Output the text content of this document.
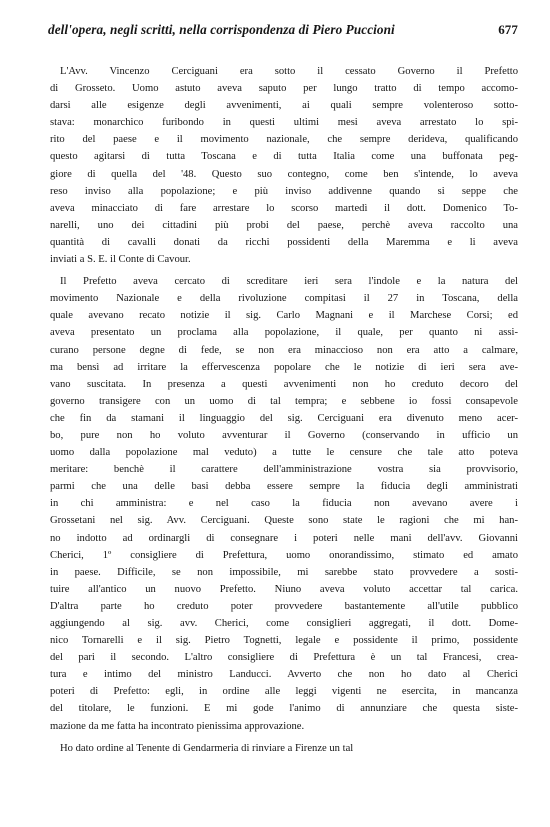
dell'opera, negli scritti, nella corrispondenza di Piero Puccioni	677
L'Avv. Vincenzo Cerciguani era sotto il cessato Governo il Prefetto
di Grosseto. Uomo astuto aveva saputo per lungo tratto di tempo accomo-
darsi alle esigenze degli avvenimenti, ai quali sempre volenteroso sotto-
stava: monarchico furibondo in questi ultimi mesi aveva arrestato lo spi-
rito del paese e il movimento nazionale, che sempre derideva, qualificando
questo agitarsi di tutta Toscana e di tutta Italia come una buffonata peg-
giore di quella del '48. Questo suo contegno, come ben s'intende, lo aveva
reso inviso alla popolazione; e più inviso addivenne quando si seppe che
aveva minacciato di fare arrestare lo scorso martedì il dott. Domenico To-
narelli, uno dei cittadini più probi del paese, perchè aveva raccolto una
quantità di cavalli donati da ricchi possidenti della Maremma e li aveva
inviati a S. E. il Conte di Cavour.
Il Prefetto aveva cercato di screditare ieri sera l'indole e la natura del
movimento Nazionale e della rivoluzione compitasi il 27 in Toscana, della
quale avevano recato notizie il sig. Carlo Magnani e il Marchese Corsi; ed
aveva presentato un proclama alla popolazione, il quale, per quanto ni assi-
curano persone degne di fede, se non era minaccioso non era atto a calmare,
ma bensì ad irritare la effervescenza popolare che le notizie di ieri sera ave-
vano suscitata. In presenza a questi avvenimenti non ho creduto decoro del
governo transigere con un uomo di tal tempra; e sebbene io fossi consapevole
che fin da stamani il linguaggio del sig. Cerciguani era divenuto meno acer-
bo, pure non ho voluto avventurar il Governo (conservando in ufficio un
uomo dalla popolazione mal veduto) a tutte le censure che tale atto poteva
meritare: benchè il carattere dell'amministrazione vostra sia provvisorio,
parmi che una delle basi debba essere sempre la fiducia degli amministrati
in chi amministra: e nel caso la fiducia non avevano avere i
Grossetani nel sig. Avv. Cerciguani. Queste sono state le ragioni che mi han-
no indotto ad ordinargli di consegnare i poteri nelle mani dell'avv. Giovanni
Cherici, 1º consigliere di Prefettura, uomo onorandissimo, stimato ed amato
in paese. Difficile, se non impossibile, mi sarebbe stato provvedere a sosti-
tuire all'antico un nuovo Prefetto. Niuno aveva voluto accettar tal carica.
D'altra parte ho creduto poter provvedere bastantemente all'utile pubblico
aggiungendo al sig. avv. Cherici, come consiglieri aggregati, il dott. Dome-
nico Tornarelli e il sig. Pietro Tognetti, legale e possidente il primo, possidente
del pari il secondo. L'altro consigliere di Prefettura è un tal Francesi, crea-
tura e intimo del ministro Landucci. Avverto che non ho dato al Cherici
poteri di Prefetto: egli, in ordine alle leggi vigenti ne esercita, in mancanza
del titolare, le funzioni. E mi gode l'animo di annunziare che questa siste-
mazione da me fatta ha incontrato pienissima approvazione.
Ho dato ordine al Tenente di Gendarmeria di rinviare a Firenze un tal
